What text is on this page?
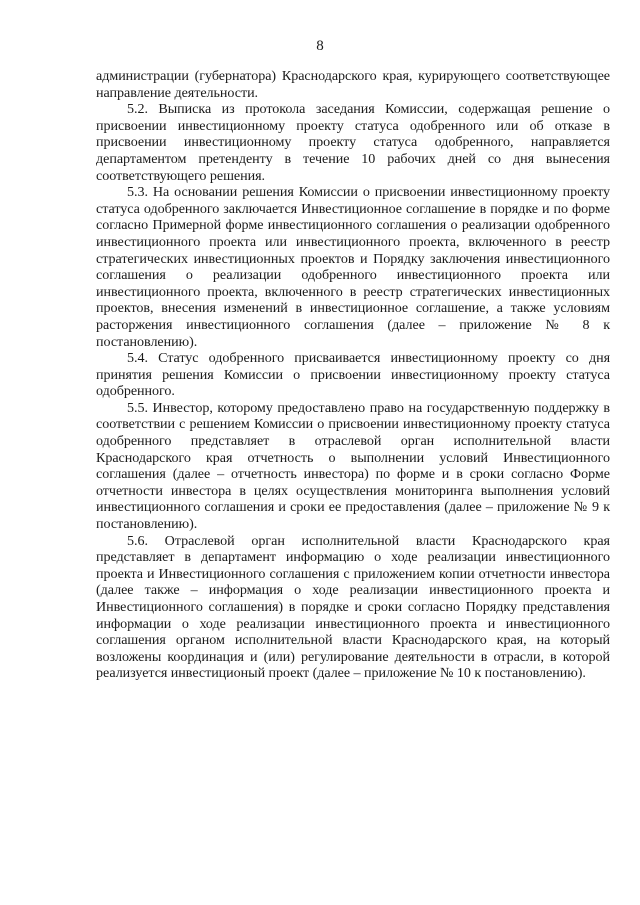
8

администрации (губернатора) Краснодарского края, курирующего соответствующее направление деятельности.

5.2. Выписка из протокола заседания Комиссии, содержащая решение о присвоении инвестиционному проекту статуса одобренного или об отказе в присвоении инвестиционному проекту статуса одобренного, направляется департаментом претенденту в течение 10 рабочих дней со дня вынесения соответствующего решения.

5.3. На основании решения Комиссии о присвоении инвестиционному проекту статуса одобренного заключается Инвестиционное соглашение в порядке и по форме согласно Примерной форме инвестиционного соглашения о реализации одобренного инвестиционного проекта или инвестиционного проекта, включенного в реестр стратегических инвестиционных проектов и Порядку заключения инвестиционного соглашения о реализации одобренного инвестиционного проекта или инвестиционного проекта, включенного в реестр стратегических инвестиционных проектов, внесения изменений в инвестиционное соглашение, а также условиям расторжения инвестиционного соглашения (далее – приложение № 8 к постановлению).

5.4. Статус одобренного присваивается инвестиционному проекту со дня принятия решения Комиссии о присвоении инвестиционному проекту статуса одобренного.

5.5. Инвестор, которому предоставлено право на государственную поддержку в соответствии с решением Комиссии о присвоении инвестиционному проекту статуса одобренного представляет в отраслевой орган исполнительной власти Краснодарского края отчетность о выполнении условий Инвестиционного соглашения (далее – отчетность инвестора) по форме и в сроки согласно Форме отчетности инвестора в целях осуществления мониторинга выполнения условий инвестиционного соглашения и сроки ее предоставления (далее – приложение № 9 к постановлению).

5.6. Отраслевой орган исполнительной власти Краснодарского края представляет в департамент информацию о ходе реализации инвестиционного проекта и Инвестиционного соглашения с приложением копии отчетности инвестора (далее также – информация о ходе реализации инвестиционного проекта и Инвестиционного соглашения) в порядке и сроки согласно Порядку представления информации о ходе реализации инвестиционного проекта и инвестиционного соглашения органом исполнительной власти Краснодарского края, на который возложены координация и (или) регулирование деятельности в отрасли, в которой реализуется инвестиционый проект (далее – приложение № 10 к постановлению).
